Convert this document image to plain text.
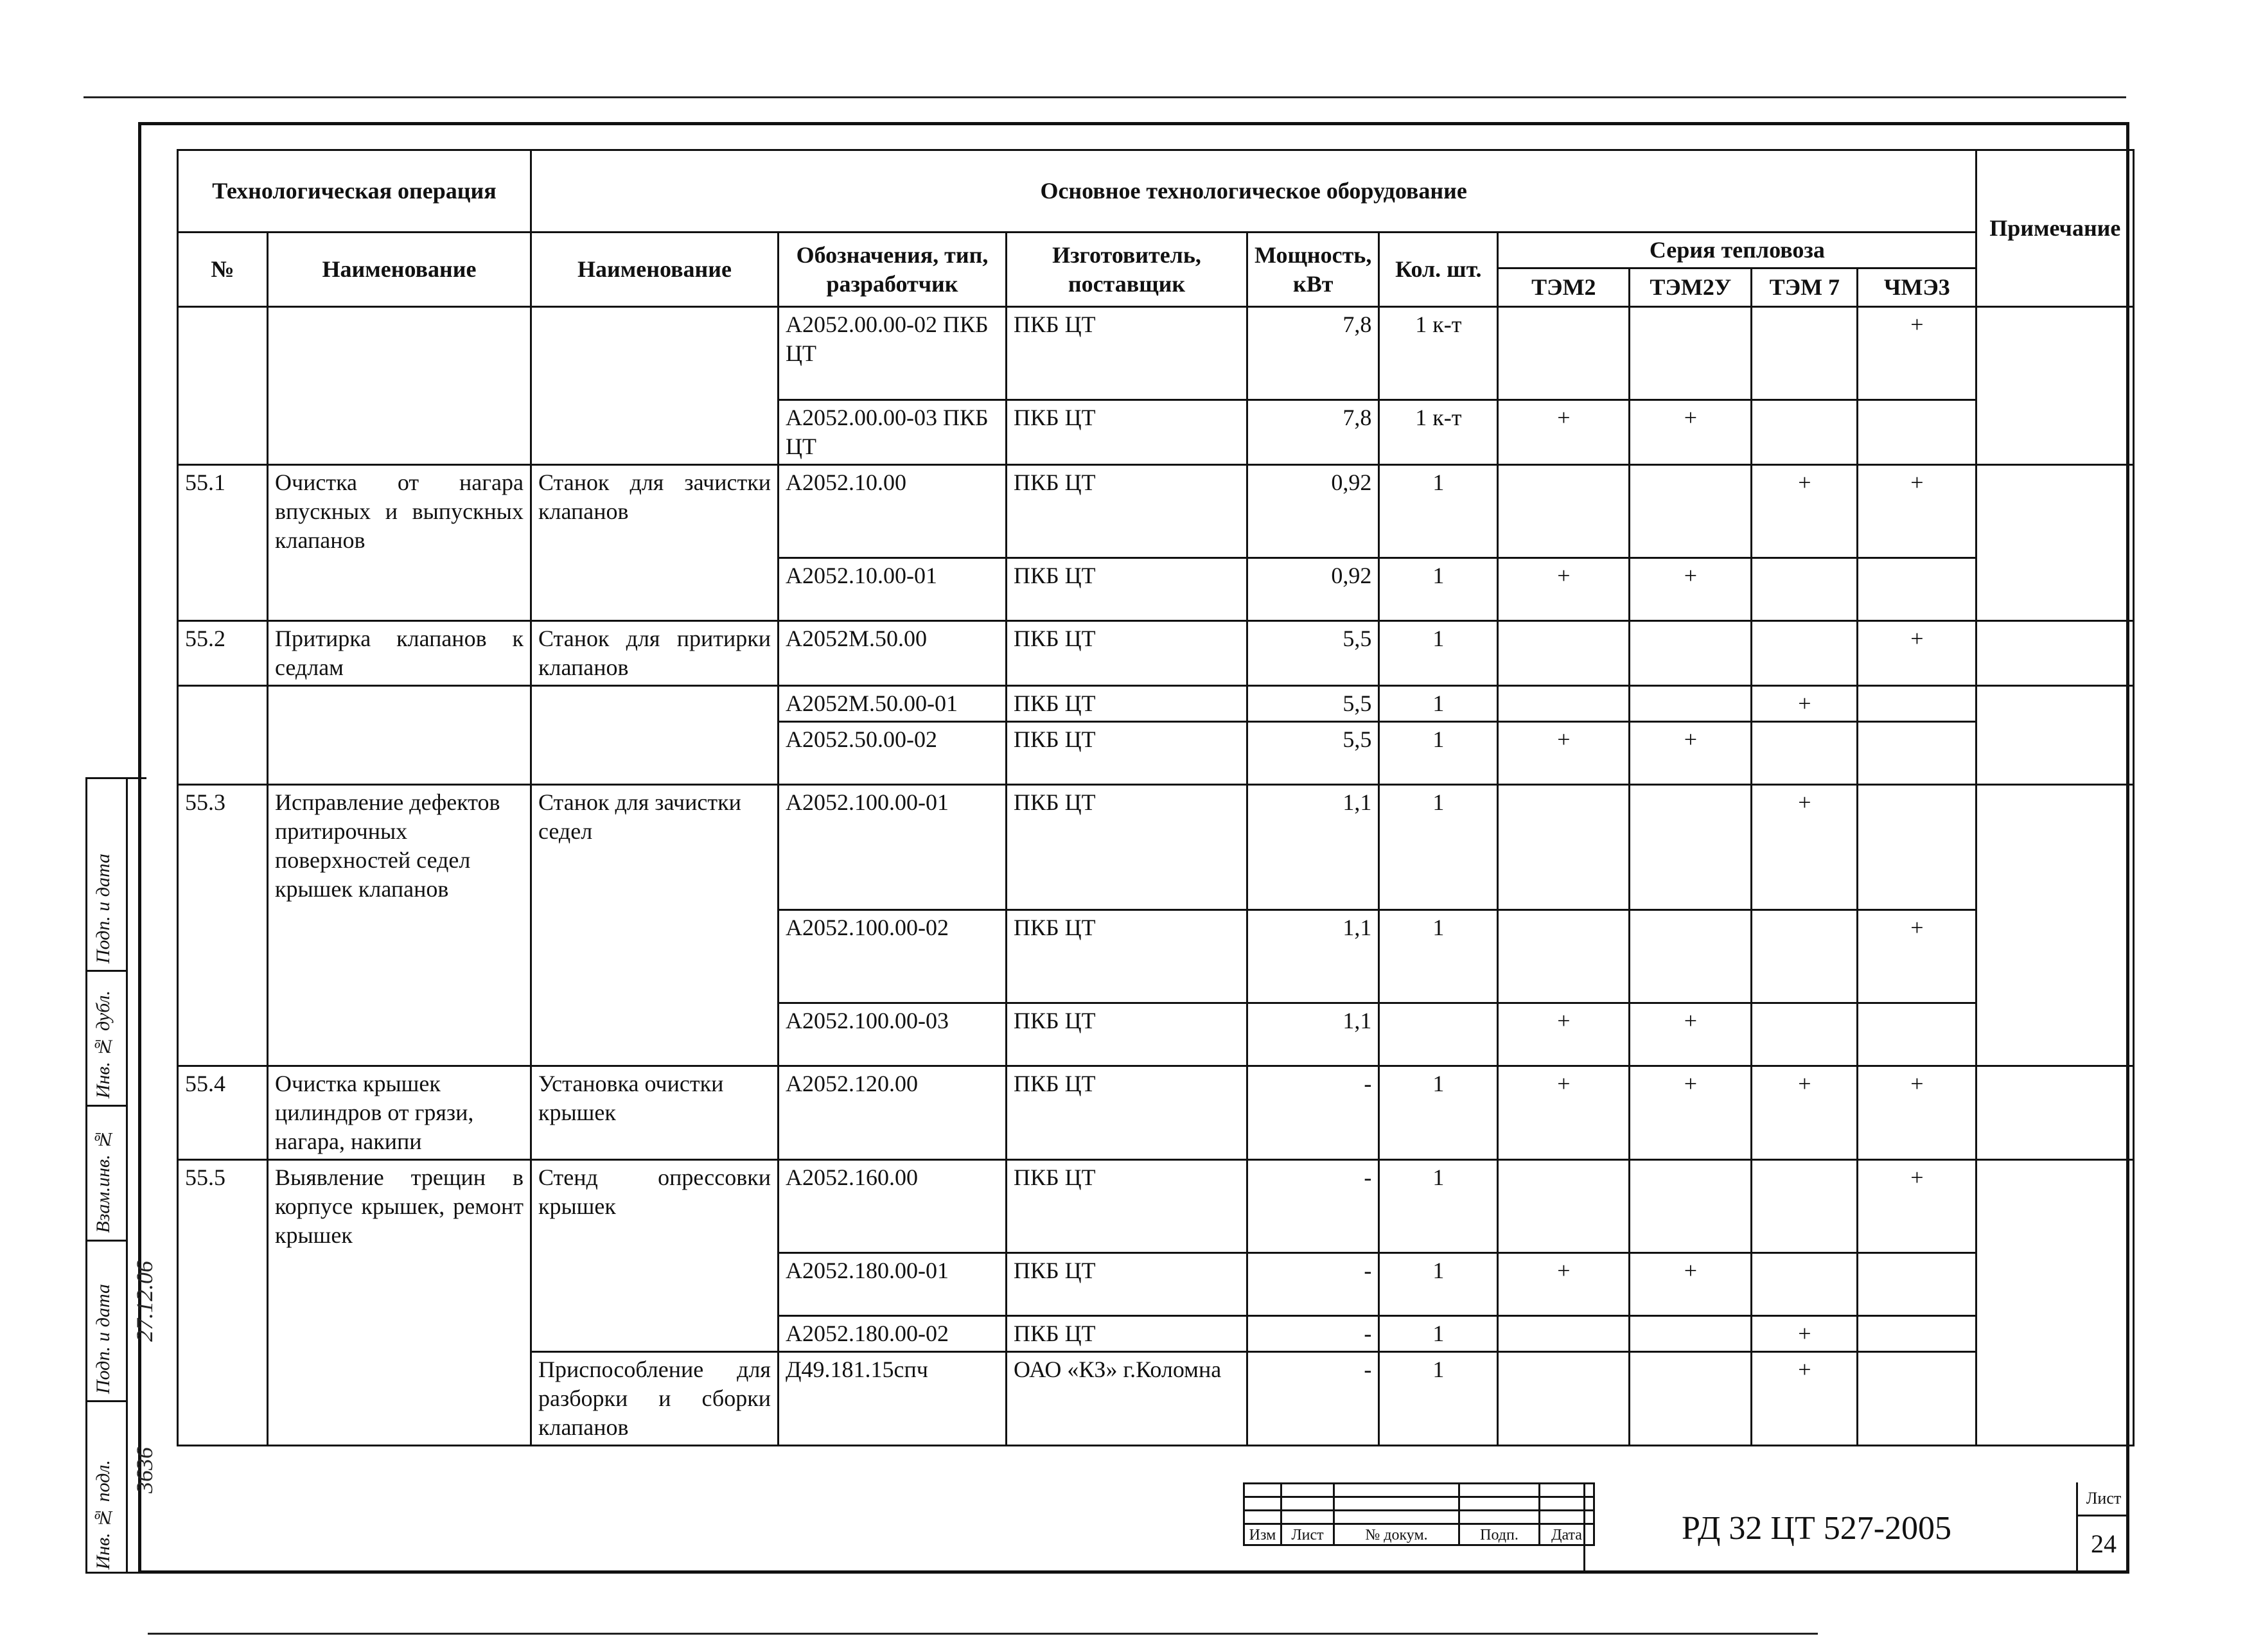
Технологическая операция		Основное технологическое оборудование									Примечание
№	Наименование	Наименование	Обозначения, тип, разработчик	Изготовитель, поставщик	Мощность, кВт	Кол. шт.	Серия тепловоза				
							ТЭМ2	ТЭМ2У	ТЭМ 7	ЧМЭ3	
			А2052.00.00-02 ПКБ ЦТ	ПКБ ЦТ	7,8	1 к-т				+	
			А2052.00.00-03 ПКБ ЦТ	ПКБ ЦТ	7,8	1 к-т	+	+			
55.1	Очистка от нагара впускных и выпускных клапанов	Станок для зачистки клапанов	А2052.10.00	ПКБ ЦТ	0,92	1			+	+	
			А2052.10.00-01	ПКБ ЦТ	0,92	1	+	+			
55.2	Притирка клапанов к седлам	Станок для притирки клапанов	А2052М.50.00	ПКБ ЦТ	5,5	1				+	
			А2052М.50.00-01	ПКБ ЦТ	5,5	1			+		
			А2052.50.00-02	ПКБ ЦТ	5,5	1	+	+			
55.3	Исправление дефектов притирочных поверхностей седел крышек клапанов	Станок для зачистки седел	А2052.100.00-01	ПКБ ЦТ	1,1	1			+		
			А2052.100.00-02	ПКБ ЦТ	1,1	1				+	
			А2052.100.00-03	ПКБ ЦТ	1,1		+	+			
55.4	Очистка крышек цилиндров от грязи, нагара, накипи	Установка очистки крышек	А2052.120.00	ПКБ ЦТ	-	1	+	+	+	+	
55.5	Выявление трещин в корпусе крышек, ремонт крышек	Стенд опрессовки крышек	А2052.160.00	ПКБ ЦТ	-	1				+	
			А2052.180.00-01	ПКБ ЦТ	-	1	+	+			
			А2052.180.00-02	ПКБ ЦТ	-	1			+		
		Приспособление для разборки и сборки клапанов	Д49.181.15спч	ОАО «КЗ» г.Коломна	-	1			+		
Подп. и дата
Инв. № дубл.
Взам.инв. №
Подп. и дата
Инв. № подл.
27.12.06
3636

Изм	Лист	№ докум.	Подп.	Дата	РД 32 ЦТ 527-2005
Лист
24
